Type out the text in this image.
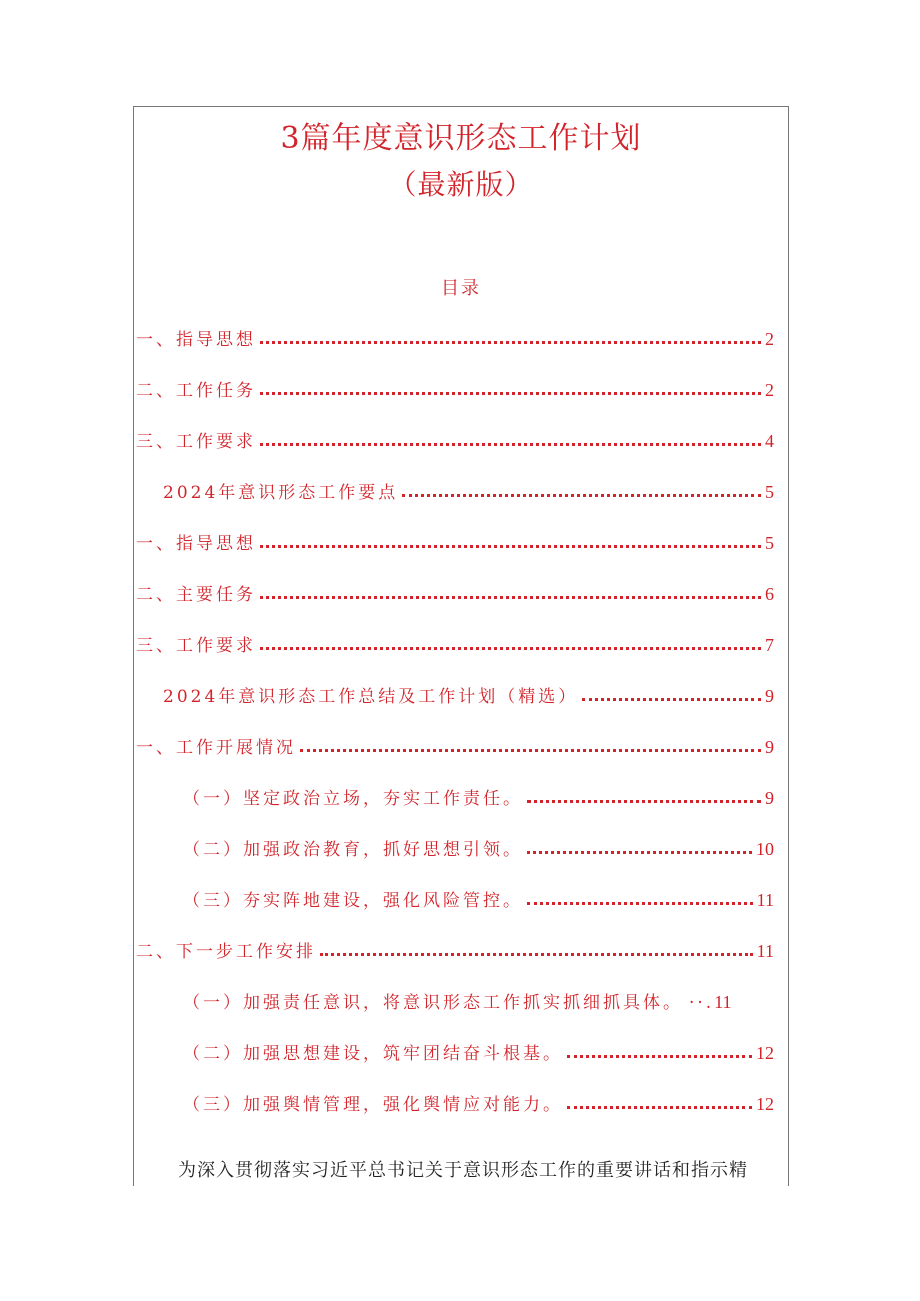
3篇年度意识形态工作计划
（最新版）
目录
一、指导思想	2
二、工作任务	2
三、工作要求	4
2024年意识形态工作要点	5
一、指导思想	5
二、主要任务	6
三、工作要求	7
2024年意识形态工作总结及工作计划（精选）	9
一、工作开展情况	9
（一）坚定政治立场，夯实工作责任。	9
（二）加强政治教育，抓好思想引领。	10
（三）夯实阵地建设，强化风险管控。	11
二、下一步工作安排	11
（一）加强责任意识，将意识形态工作抓实抓细抓具体。 ··. 11
（二）加强思想建设，筑牢团结奋斗根基。	12
（三）加强舆情管理，强化舆情应对能力。	12
为深入贯彻落实习近平总书记关于意识形态工作的重要讲话和指示精
